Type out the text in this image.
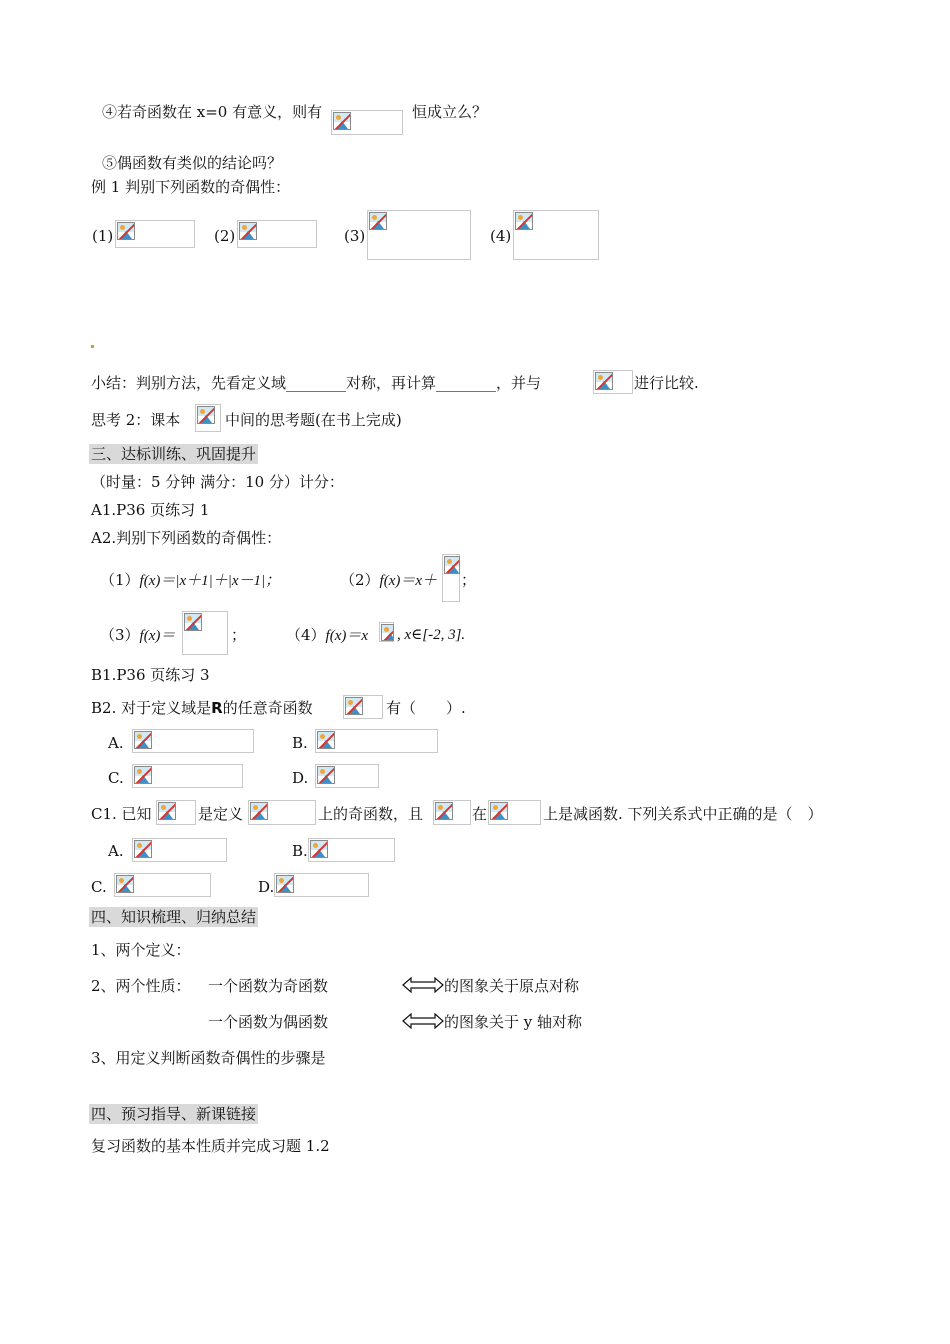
④若奇函数在 x=0 有意义，则有	恒成立么？
⑤偶函数有类似的结论吗？
例 1 判别下列函数的奇偶性：
(1)	(2)	(3)	(4)
小结：判别方法，先看定义域________对称，再计算________，并与	进行比较.
思考 2：课本	中间的思考题(在书上完成)
三、达标训练、巩固提升
（时量：5 分钟 满分：10 分）计分：
A1.P36 页练习 1
A2.判别下列函数的奇偶性：
（1）f(x)＝|x＋1|＋|x－1|；	（2）f(x)＝x＋ ；
（3）f(x)＝	；	（4）f(x)＝x , x∈[-2, 3].
B1.P36 页练习 3
B2. 对于定义域是R的任意奇函数	有（　　）.
A.	B.
C.	D.
C1. 已知	是定义	上的奇函数，且	在	上是减函数. 下列关系式中正确的是（　）
A.	B.
C.	D.
四、知识梳理、归纳总结
1、两个定义：
2、两个性质： 一个函数为奇函数	的图象关于原点对称
一个函数为偶函数	的图象关于 y 轴对称
3、用定义判断函数奇偶性的步骤是
四、预习指导、新课链接
复习函数的基本性质并完成习题 1.2
